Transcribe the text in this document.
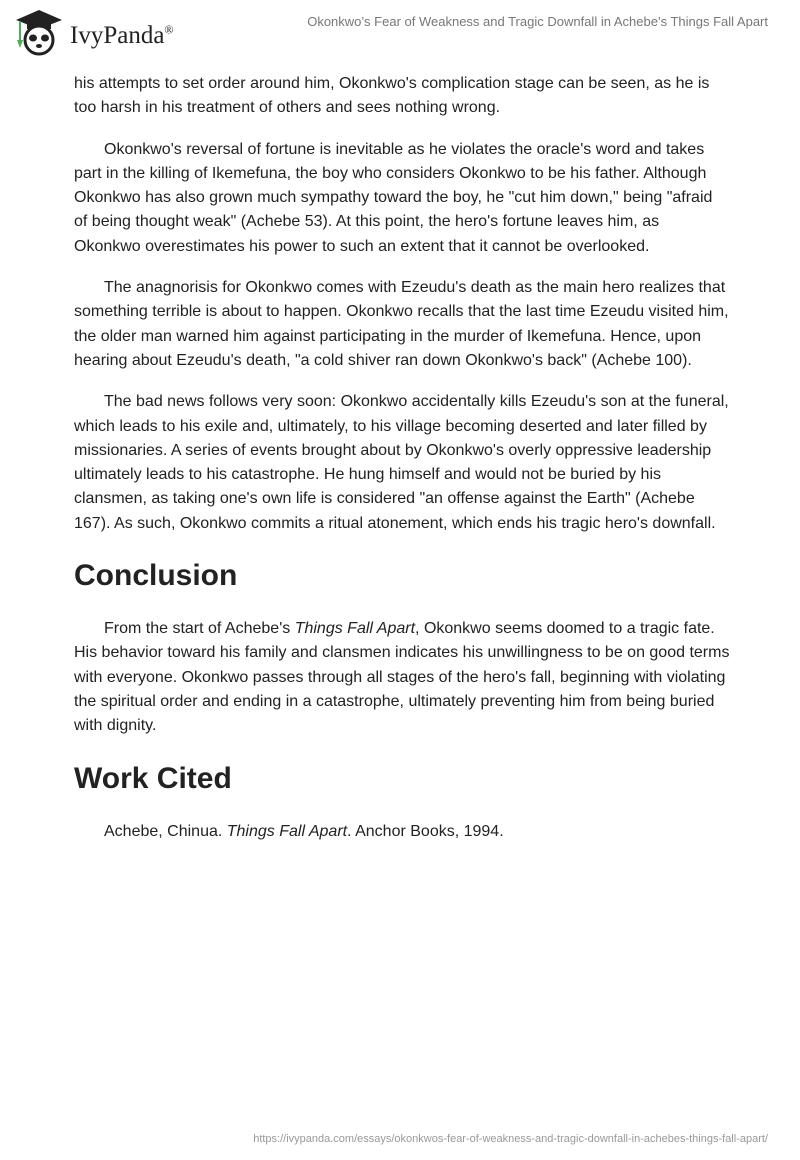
IvyPanda®
Okonkwo’s Fear of Weakness and Tragic Downfall in Achebe’s Things Fall Apart

his attempts to set order around him, Okonkwo's complication stage can be seen, as he is too harsh in his treatment of others and sees nothing wrong.

Okonkwo's reversal of fortune is inevitable as he violates the oracle's word and takes part in the killing of Ikemefuna, the boy who considers Okonkwo to be his father. Although Okonkwo has also grown much sympathy toward the boy, he "cut him down," being "afraid of being thought weak" (Achebe 53). At this point, the hero's fortune leaves him, as Okonkwo overestimates his power to such an extent that it cannot be overlooked.

The anagnorisis for Okonkwo comes with Ezeudu's death as the main hero realizes that something terrible is about to happen. Okonkwo recalls that the last time Ezeudu visited him, the older man warned him against participating in the murder of Ikemefuna. Hence, upon hearing about Ezeudu's death, "a cold shiver ran down Okonkwo's back" (Achebe 100).

The bad news follows very soon: Okonkwo accidentally kills Ezeudu's son at the funeral, which leads to his exile and, ultimately, to his village becoming deserted and later filled by missionaries. A series of events brought about by Okonkwo's overly oppressive leadership ultimately leads to his catastrophe. He hung himself and would not be buried by his clansmen, as taking one's own life is considered "an offense against the Earth" (Achebe 167). As such, Okonkwo commits a ritual atonement, which ends his tragic hero's downfall.

Conclusion

From the start of Achebe's Things Fall Apart, Okonkwo seems doomed to a tragic fate. His behavior toward his family and clansmen indicates his unwillingness to be on good terms with everyone. Okonkwo passes through all stages of the hero's fall, beginning with violating the spiritual order and ending in a catastrophe, ultimately preventing him from being buried with dignity.

Work Cited

Achebe, Chinua. Things Fall Apart. Anchor Books, 1994.

https://ivypanda.com/essays/okonkwos-fear-of-weakness-and-tragic-downfall-in-achebes-things-fall-apart/
